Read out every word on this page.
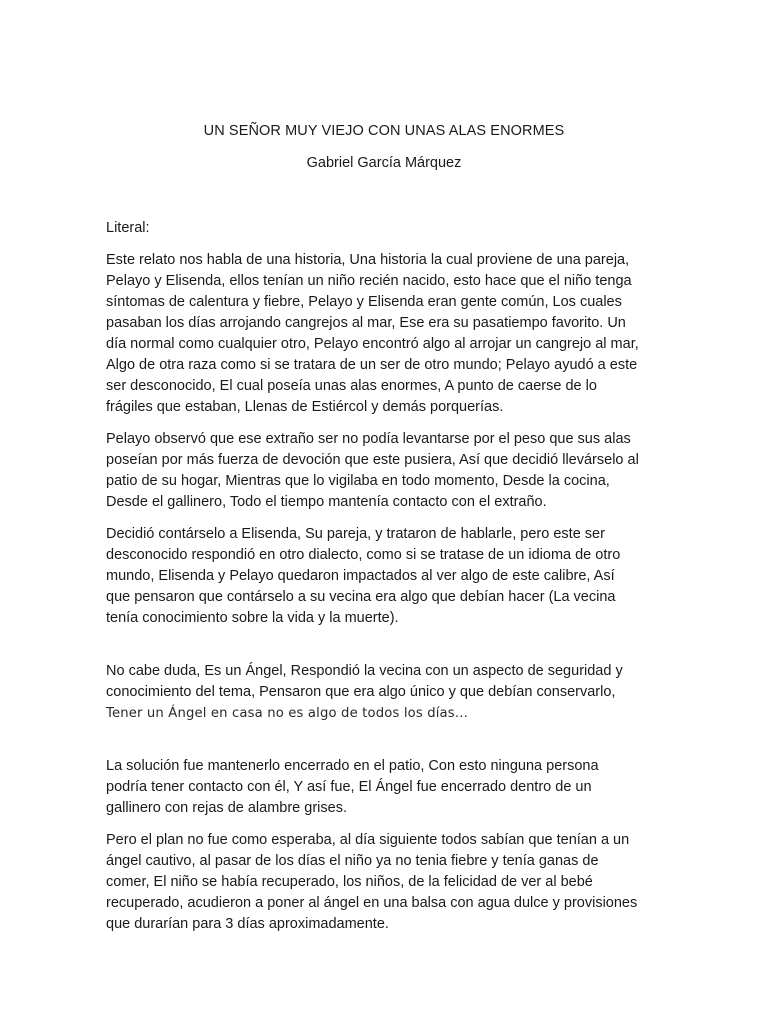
UN SEÑOR MUY VIEJO CON UNAS ALAS ENORMES
Gabriel García Márquez

Literal:

Este relato nos habla de una historia, Una historia la cual proviene de una pareja,
Pelayo y Elisenda, ellos tenían un niño recién nacido, esto hace que el niño tenga
síntomas de calentura y fiebre, Pelayo y Elisenda eran gente común, Los cuales
pasaban los días arrojando cangrejos al mar, Ese era su pasatiempo favorito. Un
día normal como cualquier otro, Pelayo encontró algo al arrojar un cangrejo al mar,
Algo de otra raza como si se tratara de un ser de otro mundo; Pelayo ayudó a este
ser desconocido, El cual poseía unas alas enormes, A punto de caerse de lo
frágiles que estaban, Llenas de Estiércol y demás porquerías.

Pelayo observó que ese extraño ser no podía levantarse por el peso que sus alas
poseían por más fuerza de devoción que este pusiera, Así que decidió llevárselo al
patio de su hogar, Mientras que lo vigilaba en todo momento, Desde la cocina,
Desde el gallinero, Todo el tiempo mantenía contacto con el extraño.

Decidió contárselo a Elisenda, Su pareja, y trataron de hablarle, pero este ser
desconocido respondió en otro dialecto, como si se tratase de un idioma de otro
mundo, Elisenda y Pelayo quedaron impactados al ver algo de este calibre, Así
que pensaron que contárselo a su vecina era algo que debían hacer (La vecina
tenía conocimiento sobre la vida y la muerte).

No cabe duda, Es un Ángel, Respondió la vecina con un aspecto de seguridad y
conocimiento del tema, Pensaron que era algo único y que debían conservarlo,

Tener un Ángel en casa no es algo de todos los días…

La solución fue mantenerlo encerrado en el patio, Con esto ninguna persona
podría tener contacto con él, Y así fue, El Ángel fue encerrado dentro de un
gallinero con rejas de alambre grises.

Pero el plan no fue como esperaba, al día siguiente todos sabían que tenían a un
ángel cautivo, al pasar de los días el niño ya no tenia fiebre y tenía ganas de
comer, El niño se había recuperado, los niños, de la felicidad de ver al bebé
recuperado, acudieron a poner al ángel en una balsa con agua dulce y provisiones
que durarían para 3 días aproximadamente.
